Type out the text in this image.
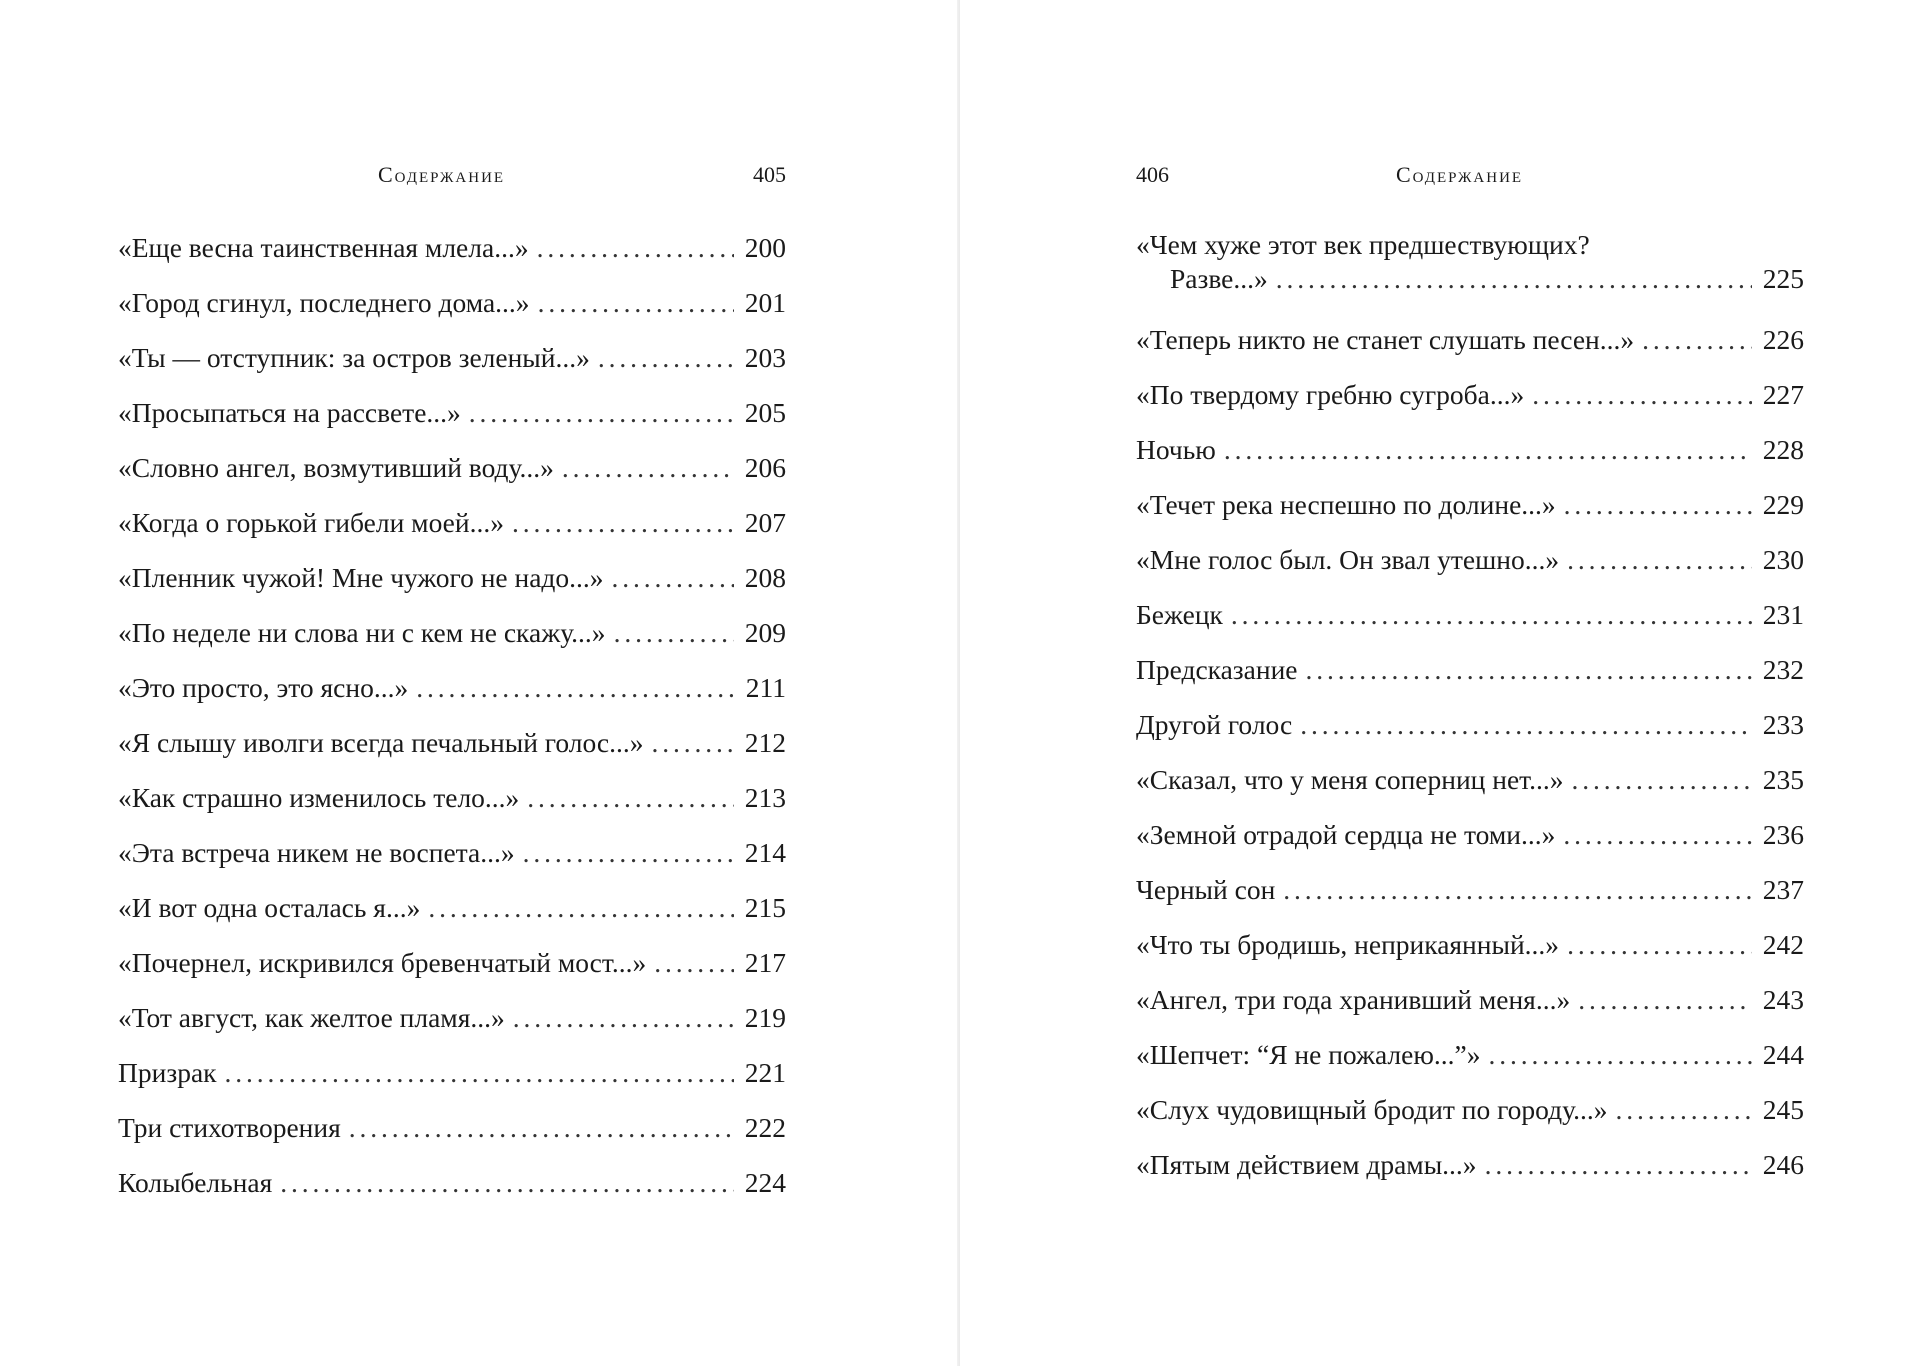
Содержание	405
«Еще весна таинственная млела...» . . .	200
«Город сгинул, последнего дома...» . . .	201
«Ты — отступник: за остров зеленый...» . . .	203
«Просыпаться на рассвете...» . . .	205
«Словно ангел, возмутивший воду...» . . .	206
«Когда о горькой гибели моей...» . . .	207
«Пленник чужой! Мне чужого не надо...» . . .	208
«По неделе ни слова ни с кем не скажу...» . . .	209
«Это просто, это ясно...» . . .	211
«Я слышу иволги всегда печальный голос...» . . .	212
«Как страшно изменилось тело...» . . .	213
«Эта встреча никем не воспета...» . . .	214
«И вот одна осталась я...» . . .	215
«Почернел, искривился бревенчатый мост...» . . .	217
«Тот август, как желтое пламя...» . . .	219
Призрак . . .	221
Три стихотворения . . .	222
Колыбельная . . .	224
406	Содержание
«Чем хуже этот век предшествующих?
Разве...» . . .	225
«Теперь никто не станет слушать песен...» . . .	226
«По твердому гребню сугроба...» . . .	227
Ночью . . .	228
«Течет река неспешно по долине...» . . .	229
«Мне голос был. Он звал утешно...» . . .	230
Бежецк . . .	231
Предсказание . . .	232
Другой голос . . .	233
«Сказал, что у меня соперниц нет...» . . .	235
«Земной отрадой сердца не томи...» . . .	236
Черный сон . . .	237
«Что ты бродишь, неприкаянный...» . . .	242
«Ангел, три года хранивший меня...» . . .	243
«Шепчет: “Я не пожалею...”» . . .	244
«Слух чудовищный бродит по городу...» . . .	245
«Пятым действием драмы...» . . .	246
